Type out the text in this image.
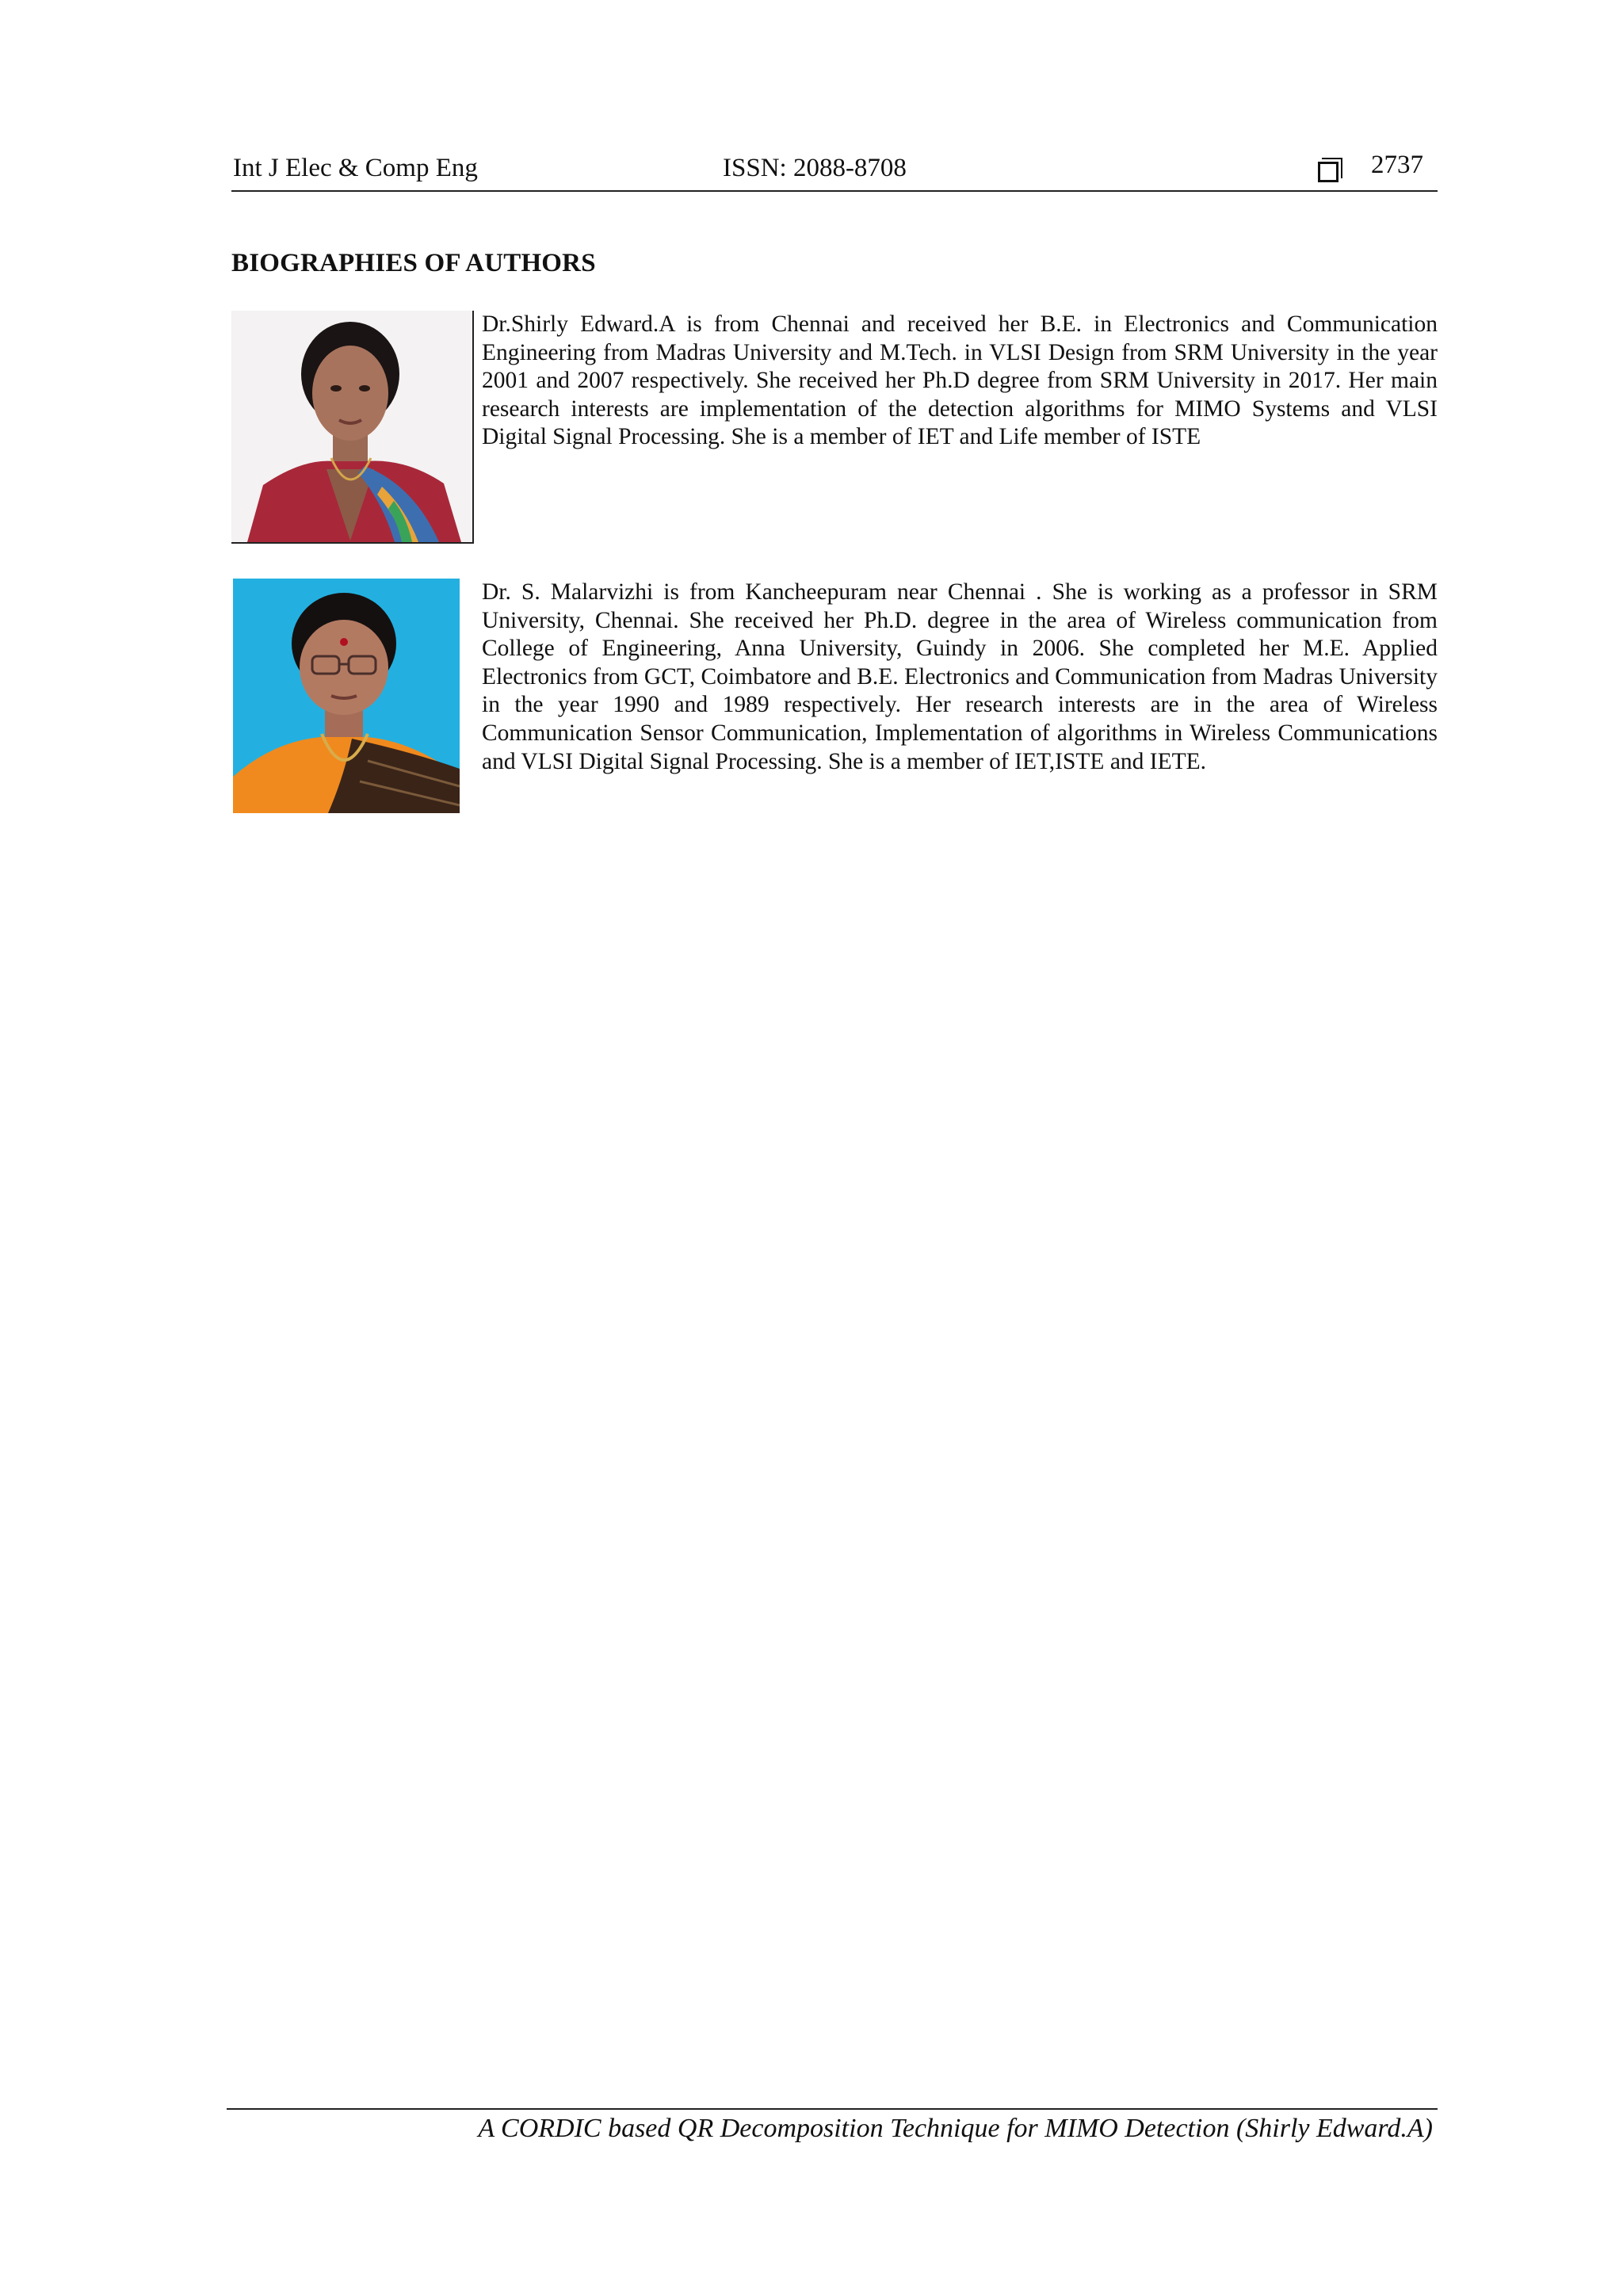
Int J Elec & Comp Eng	ISSN: 2088-8708	2737
BIOGRAPHIES OF AUTHORS

Dr.Shirly Edward.A is from Chennai and received her B.E. in Electronics and Communication Engineering from Madras University and M.Tech. in VLSI Design from SRM University in the year 2001 and 2007 respectively. She received her Ph.D degree from SRM University in 2017. Her main research interests are implementation of the detection algorithms for MIMO Systems and VLSI Digital Signal Processing. She is a member of IET and Life member of ISTE

Dr. S. Malarvizhi is from Kancheepuram near Chennai . She is working as a professor in SRM University, Chennai. She received her Ph.D. degree in the area of Wireless communication from College of Engineering, Anna University, Guindy in 2006. She completed her M.E. Applied Electronics from GCT, Coimbatore and B.E. Electronics and Communication from Madras University in the year 1990 and 1989 respectively. Her research interests are in the area of Wireless Communication Sensor Communication, Implementation of algorithms in Wireless Communications and VLSI Digital Signal Processing. She is a member of IET,ISTE and IETE.

A CORDIC based QR Decomposition Technique for MIMO Detection (Shirly Edward.A)
